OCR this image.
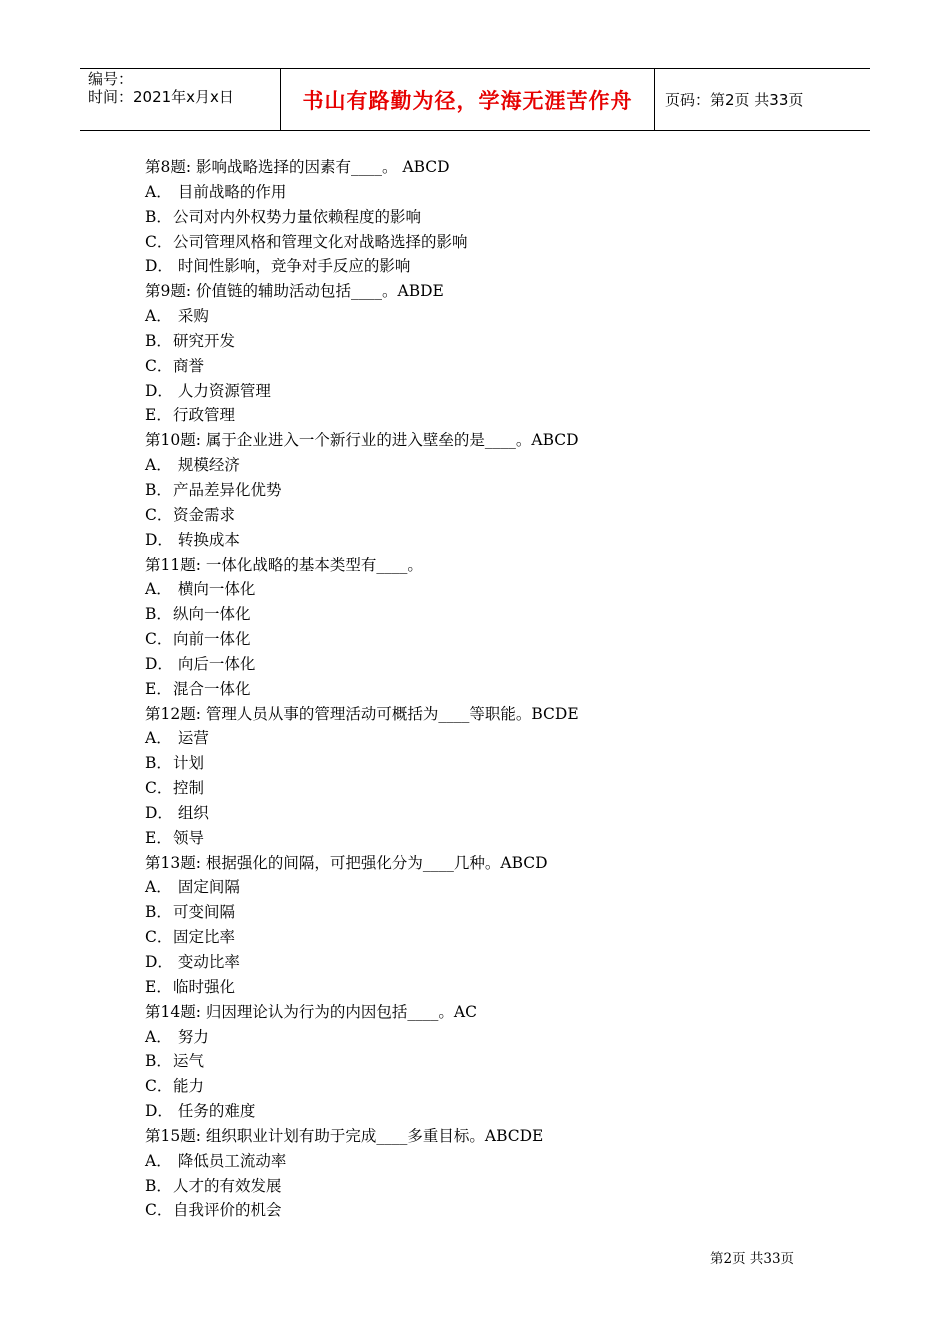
编号：
时间：2021年x月x日	书山有路勤为径，学海无涯苦作舟	页码：第2页 共33页
第8题: 影响战略选择的因素有____。 ABCD
A． 目前战略的作用
B．公司对内外权势力量依赖程度的影响
C．公司管理风格和管理文化对战略选择的影响
D． 时间性影响，竞争对手反应的影响
第9题: 价值链的辅助活动包括____。ABDE
A． 采购
B．研究开发
C．商誉
D． 人力资源管理
E．行政管理
第10题: 属于企业进入一个新行业的进入壁垒的是____。ABCD
A． 规模经济
B．产品差异化优势
C．资金需求
D． 转换成本
第11题: 一体化战略的基本类型有____。
A． 横向一体化
B．纵向一体化
C．向前一体化
D． 向后一体化
E．混合一体化
第12题: 管理人员从事的管理活动可概括为____等职能。BCDE
A． 运营
B．计划
C．控制
D． 组织
E．领导
第13题: 根据强化的间隔，可把强化分为____几种。ABCD
A． 固定间隔
B．可变间隔
C．固定比率
D． 变动比率
E．临时强化
第14题: 归因理论认为行为的内因包括____。AC
A． 努力
B．运气
C．能力
D． 任务的难度
第15题: 组织职业计划有助于完成____多重目标。ABCDE
A． 降低员工流动率
B．人才的有效发展
C．自我评价的机会
第2页 共33页
